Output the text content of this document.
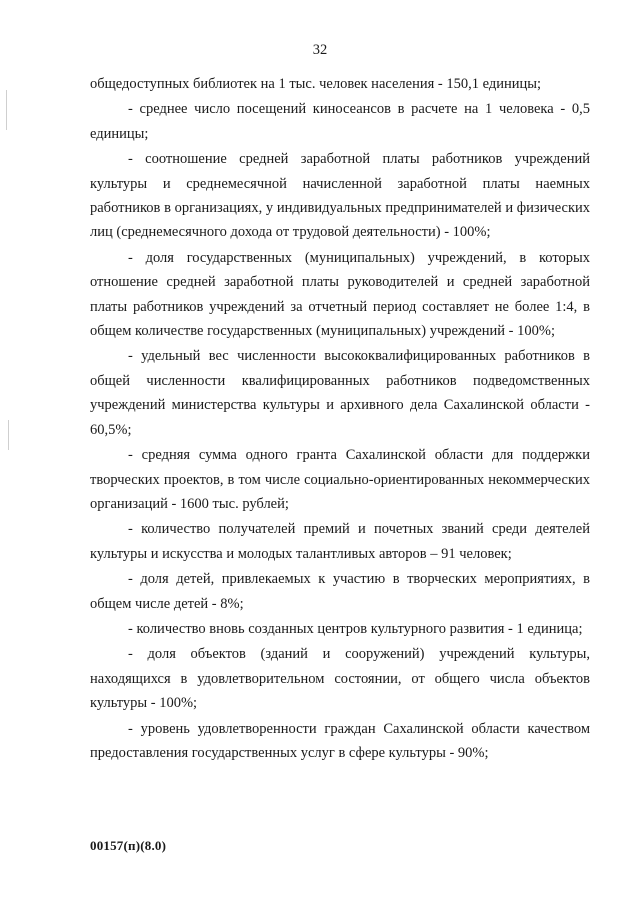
32

общедоступных библиотек на 1 тыс. человек населения - 150,1 единицы;

- среднее число посещений киносеансов в расчете на 1 человека - 0,5 единицы;

- соотношение средней заработной платы работников учреждений культуры и среднемесячной начисленной заработной платы наемных работников в организациях, у индивидуальных предпринимателей и физических лиц (среднемесячного дохода от трудовой деятельности) - 100%;

- доля государственных (муниципальных) учреждений, в которых отношение средней заработной платы руководителей и средней заработной платы работников учреждений за отчетный период составляет не более 1:4, в общем количестве государственных (муниципальных) учреждений - 100%;

- удельный вес численности высококвалифицированных работников в общей численности квалифицированных работников подведомственных учреждений министерства культуры и архивного дела Сахалинской области - 60,5%;

- средняя сумма одного гранта Сахалинской области для поддержки творческих проектов, в том числе социально-ориентированных некоммерческих организаций - 1600 тыс. рублей;

- количество получателей премий и почетных званий среди деятелей культуры и искусства и молодых талантливых авторов – 91 человек;

- доля детей, привлекаемых к участию в творческих мероприятиях, в общем числе детей - 8%;

- количество вновь созданных центров культурного развития - 1 единица;

- доля объектов (зданий и сооружений) учреждений культуры, находящихся в удовлетворительном состоянии, от общего числа объектов культуры - 100%;

- уровень удовлетворенности граждан Сахалинской области качеством предоставления государственных услуг в сфере культуры - 90%;

00157(п)(8.0)
